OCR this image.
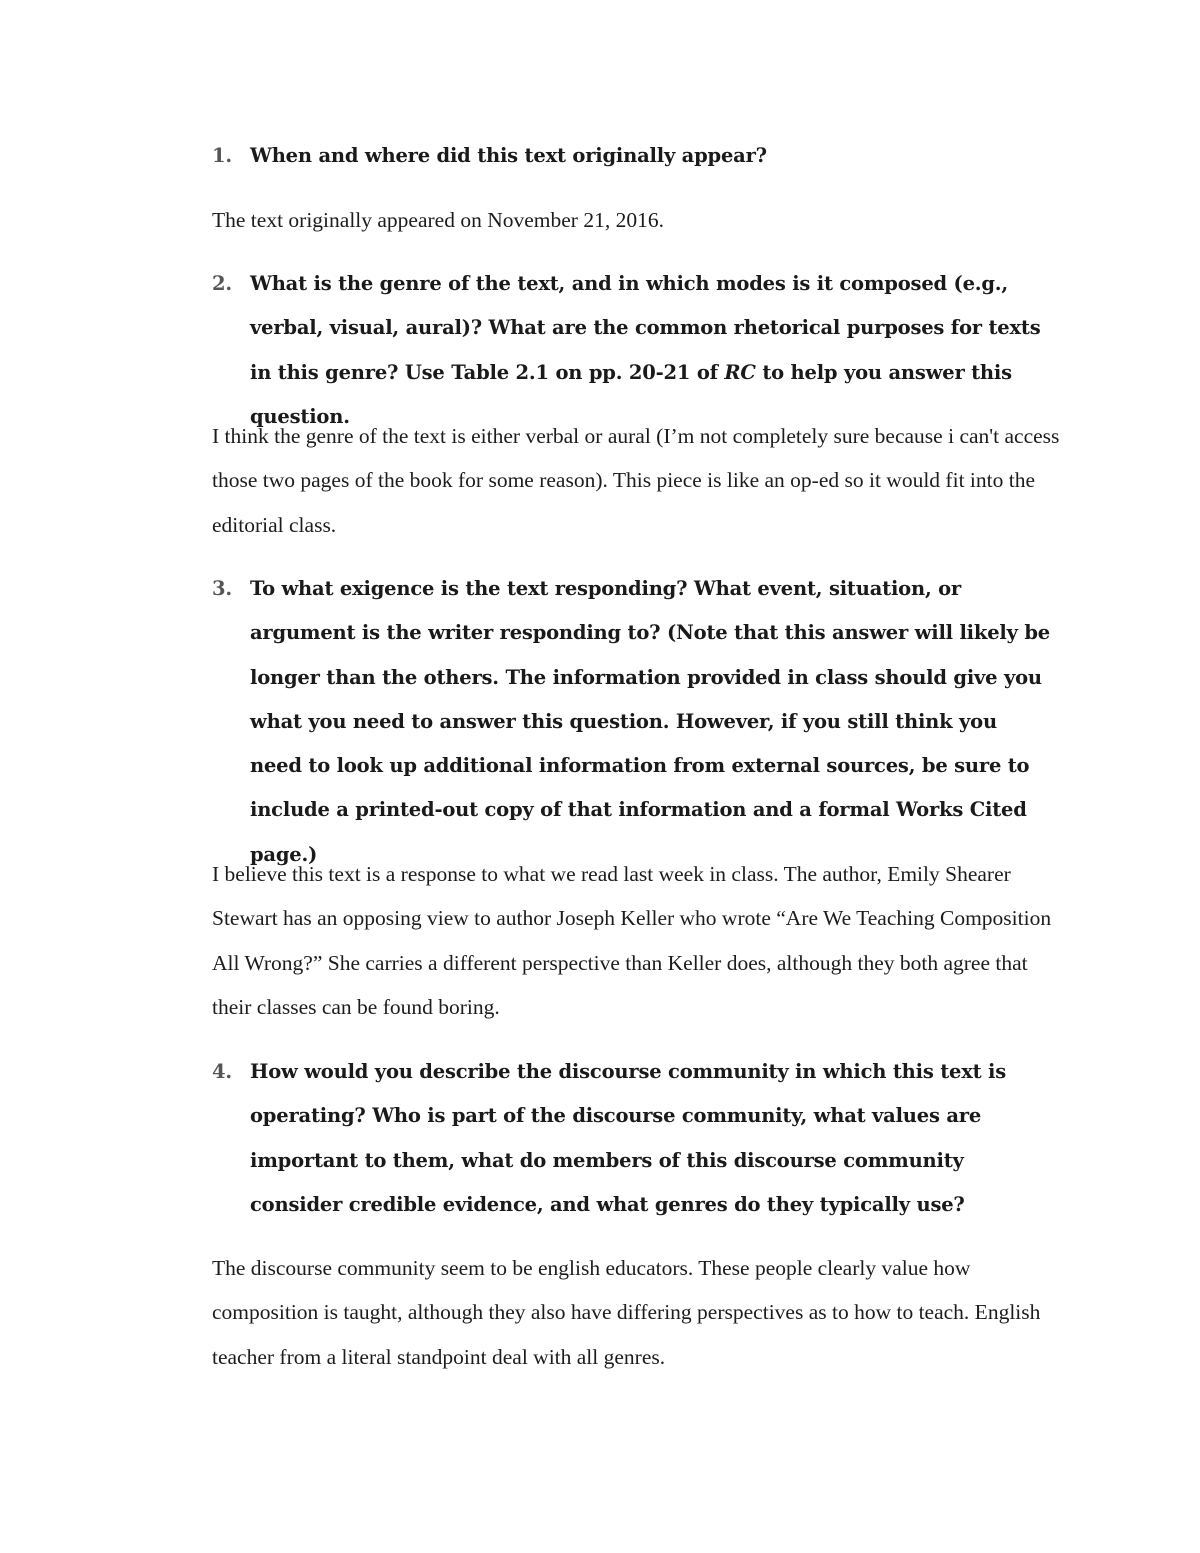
1. When and where did this text originally appear?

The text originally appeared on November 21, 2016.

2. What is the genre of the text, and in which modes is it composed (e.g., verbal, visual, aural)? What are the common rhetorical purposes for texts in this genre? Use Table 2.1 on pp. 20-21 of RC to help you answer this question.

I think the genre of the text is either verbal or aural (I’m not completely sure because i can't access those two pages of the book for some reason). This piece is like an op-ed so it would fit into the editorial class.

3. To what exigence is the text responding? What event, situation, or argument is the writer responding to? (Note that this answer will likely be longer than the others. The information provided in class should give you what you need to answer this question. However, if you still think you need to look up additional information from external sources, be sure to include a printed-out copy of that information and a formal Works Cited page.)

I believe this text is a response to what we read last week in class. The author, Emily Shearer Stewart has an opposing view to author Joseph Keller who wrote “Are We Teaching Composition All Wrong?” She carries a different perspective than Keller does, although they both agree that their classes can be found boring.

4. How would you describe the discourse community in which this text is operating? Who is part of the discourse community, what values are important to them, what do members of this discourse community consider credible evidence, and what genres do they typically use?

The discourse community seem to be english educators. These people clearly value how composition is taught, although they also have differing perspectives as to how to teach. English teacher from a literal standpoint deal with all genres.
